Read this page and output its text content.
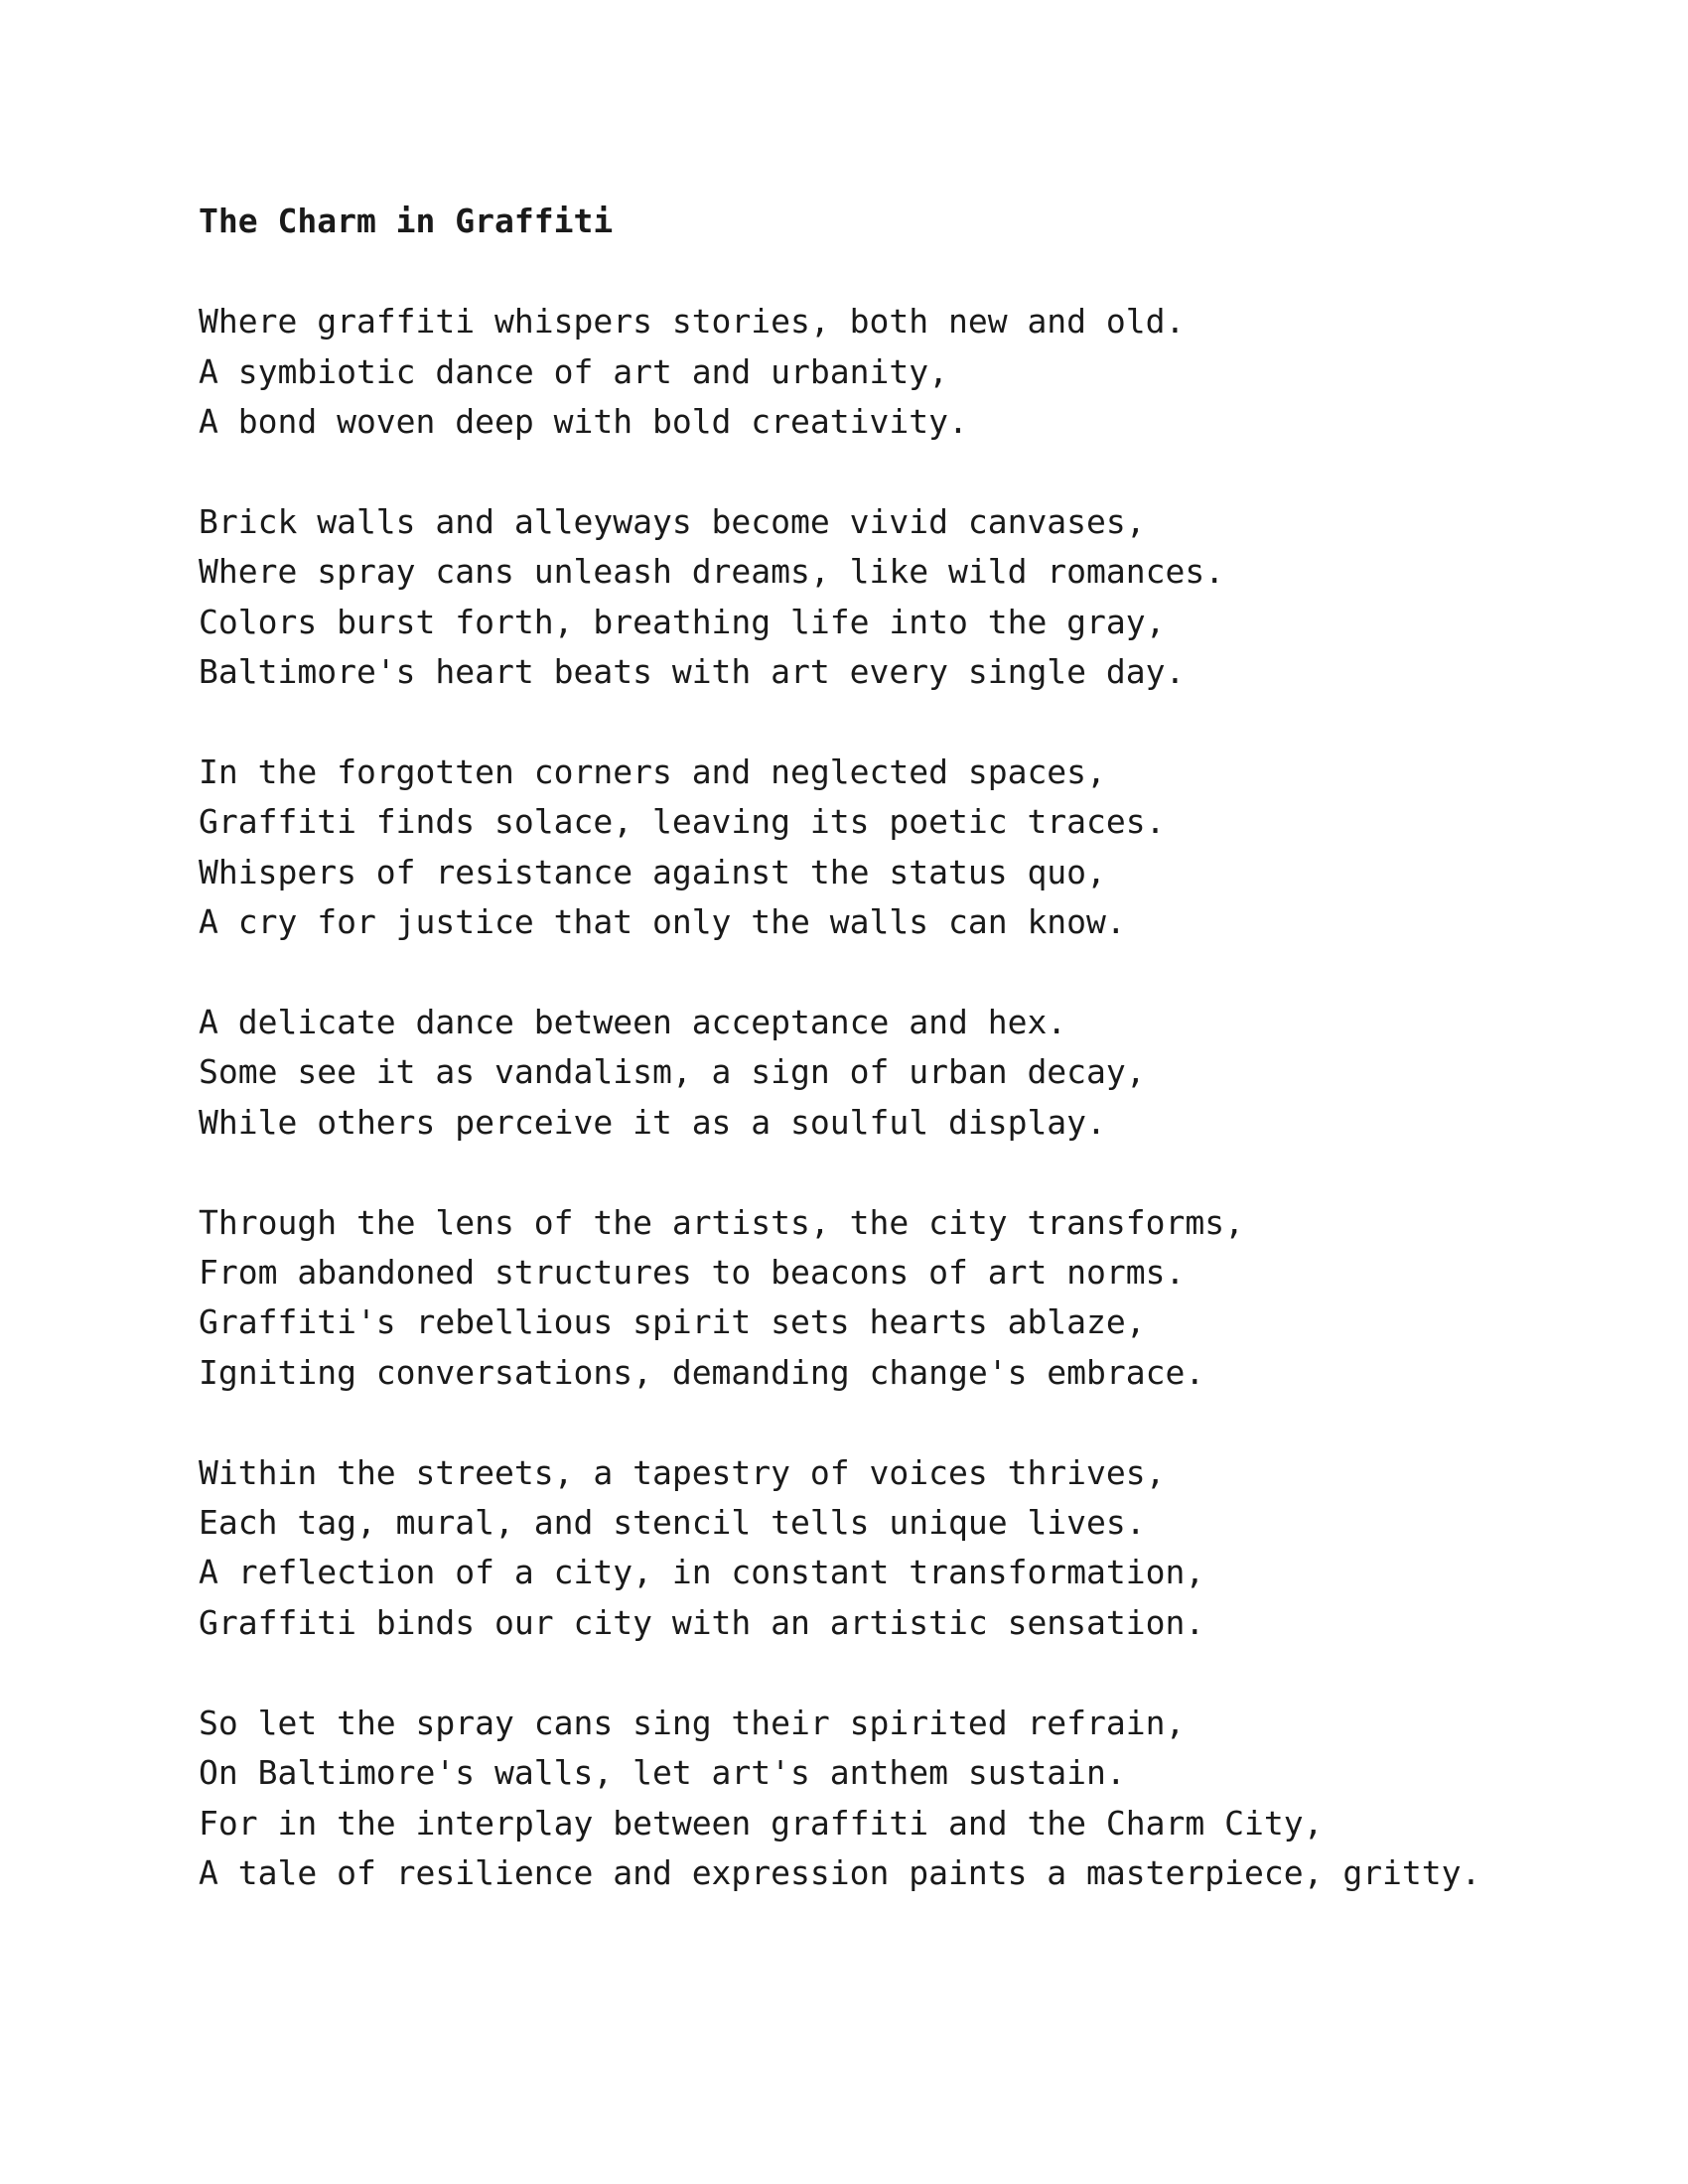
The Charm in Graffiti
Where graffiti whispers stories, both new and old.
A symbiotic dance of art and urbanity,
A bond woven deep with bold creativity.
Brick walls and alleyways become vivid canvases,
Where spray cans unleash dreams, like wild romances.
Colors burst forth, breathing life into the gray,
Baltimore's heart beats with art every single day.
In the forgotten corners and neglected spaces,
Graffiti finds solace, leaving its poetic traces.
Whispers of resistance against the status quo,
A cry for justice that only the walls can know.
A delicate dance between acceptance and hex.
Some see it as vandalism, a sign of urban decay,
While others perceive it as a soulful display.
Through the lens of the artists, the city transforms,
From abandoned structures to beacons of art norms.
Graffiti's rebellious spirit sets hearts ablaze,
Igniting conversations, demanding change's embrace.
Within the streets, a tapestry of voices thrives,
Each tag, mural, and stencil tells unique lives.
A reflection of a city, in constant transformation,
Graffiti binds our city with an artistic sensation.
So let the spray cans sing their spirited refrain,
On Baltimore's walls, let art's anthem sustain.
For in the interplay between graffiti and the Charm City,
A tale of resilience and expression paints a masterpiece, gritty.
